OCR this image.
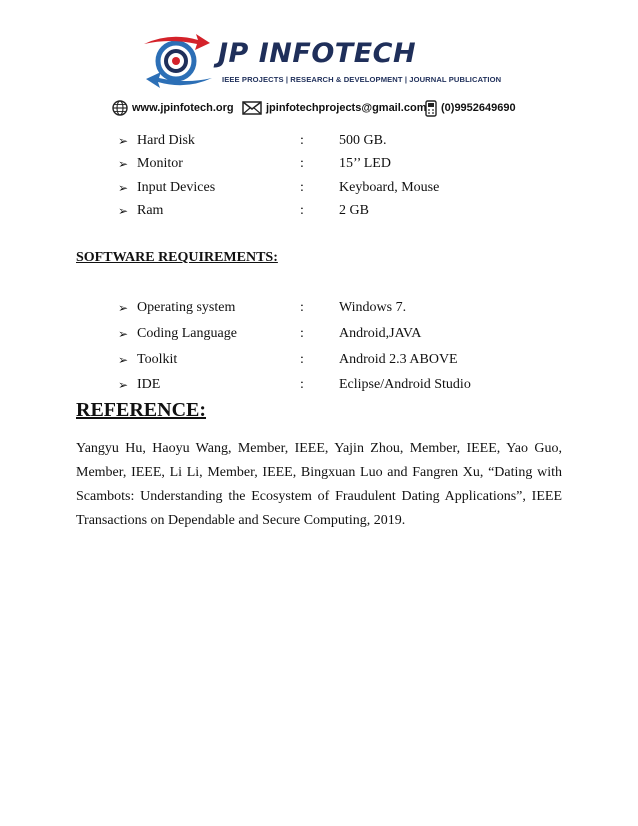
JP INFOTECH
IEEE PROJECTS | RESEARCH & DEVELOPMENT | JOURNAL PUBLICATION
www.jpinfotech.org	jpinfotechprojects@gmail.com (0)9952649690
➢ Hard Disk	:	500 GB.
➢ Monitor	:	15’’ LED
➢ Input Devices	:	Keyboard, Mouse
➢ Ram	:	2 GB
SOFTWARE REQUIREMENTS:
➢ Operating system	:	Windows 7.
➢ Coding Language	:	Android,JAVA
➢ Toolkit	:	Android 2.3 ABOVE
➢ IDE	:	Eclipse/Android Studio
REFERENCE:

Yangyu Hu, Haoyu Wang, Member, IEEE, Yajin Zhou, Member, IEEE, Yao Guo, Member, IEEE, Li Li, Member, IEEE, Bingxuan Luo and Fangren Xu, “Dating with Scambots: Understanding the Ecosystem of Fraudulent Dating Applications”, IEEE Transactions on Dependable and Secure Computing, 2019.
